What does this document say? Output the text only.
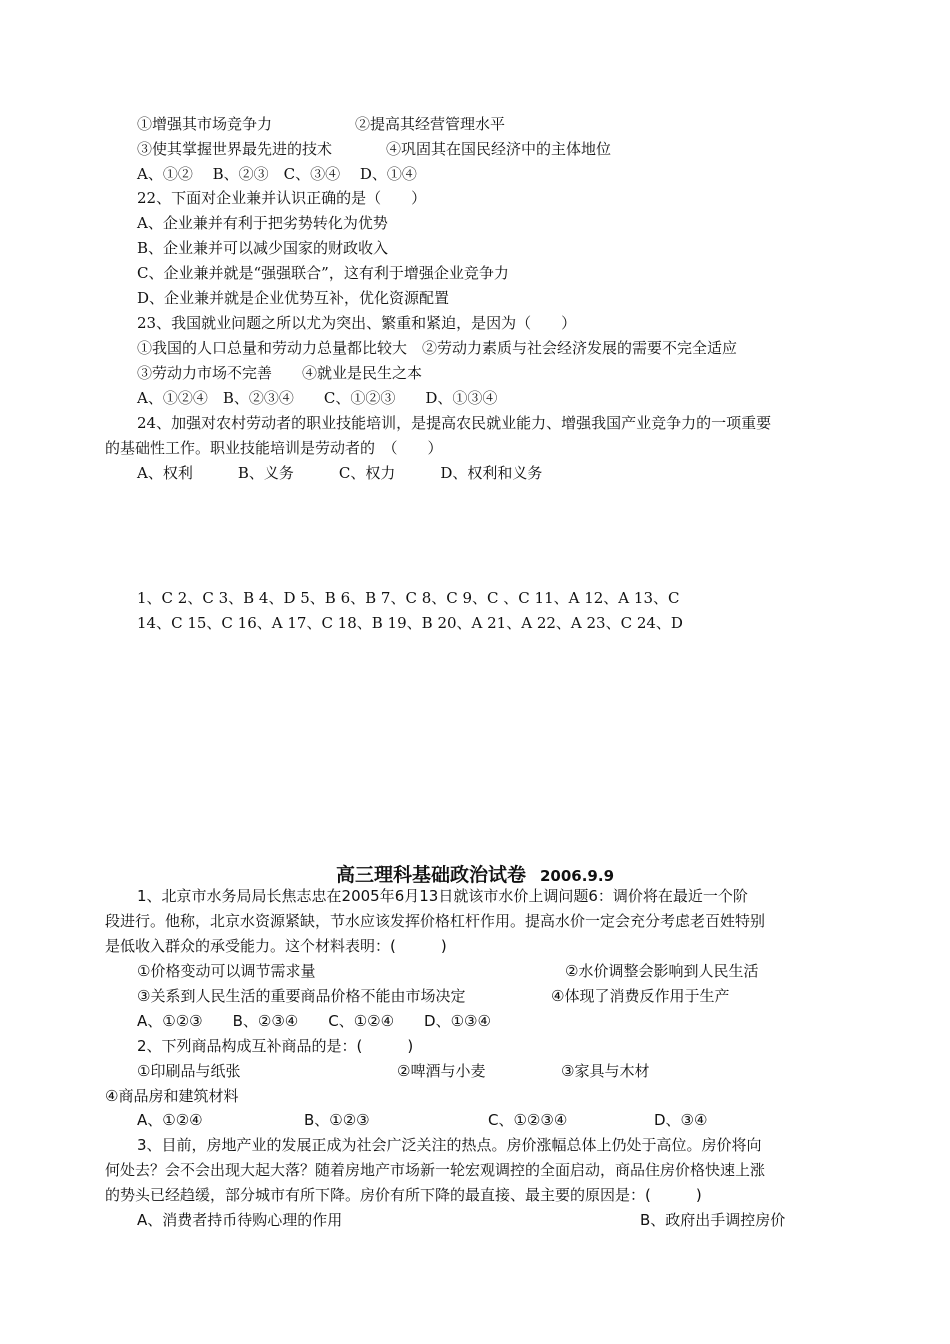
①增强其市场竞争力	②提高其经营管理水平
③使其掌握世界最先进的技术	④巩固其在国民经济中的主体地位
A、①②　 B、②③　C、③④　 D、①④
22、下面对企业兼并认识正确的是（　　）
A、企业兼并有利于把劣势转化为优势
B、企业兼并可以减少国家的财政收入
C、企业兼并就是“强强联合”，这有利于增强企业竞争力
D、企业兼并就是企业优势互补，优化资源配置
23、我国就业问题之所以尤为突出、繁重和紧迫，是因为（　　）
①我国的人口总量和劳动力总量都比较大　②劳动力素质与社会经济发展的需要不完全适应
③劳动力市场不完善　　④就业是民生之本
A、①②④　B、②③④　　C、①②③　　D、①③④
24、加强对农村劳动者的职业技能培训，是提高农民就业能力、增强我国产业竞争力的一项重要
的基础性工作。职业技能培训是劳动者的　（　　）
A、权利　　　B、义务　　　C、权力　　　D、权利和义务
1、C 2、C 3、B 4、D 5、B 6、B 7、C 8、C 9、C 、C 11、A 12、A 13、C
14、C 15、C 16、A 17、C 18、B 19、B 20、A 21、A 22、A 23、C 24、D
高三理科基础政治试卷 2006.9.9
1、北京市水务局局长焦志忠在2005年6月13日就该市水价上调问题6：调价将在最近一个阶
段进行。他称，北京水资源紧缺，节水应该发挥价格杠杆作用。提高水价一定会充分考虑老百姓特别
是低收入群众的承受能力。这个材料表明：(　　　)
①价格变动可以调节需求量	②水价调整会影响到人民生活
③关系到人民生活的重要商品价格不能由市场决定	④体现了消费反作用于生产
A、①②③　　B、②③④　　C、①②④　　D、①③④
2、下列商品构成互补商品的是：(　　　)
①印刷品与纸张	②啤酒与小麦	③家具与木材
④商品房和建筑材料
A、①②④	B、①②③	C、①②③④	D、③④
3、目前，房地产业的发展正成为社会广泛关注的热点。房价涨幅总体上仍处于高位。房价将向
何处去？会不会出现大起大落？随着房地产市场新一轮宏观调控的全面启动，商品住房价格快速上涨
的势头已经趋缓，部分城市有所下降。房价有所下降的最直接、最主要的原因是：(　　　)
A、消费者持币待购心理的作用	B、政府出手调控房价
